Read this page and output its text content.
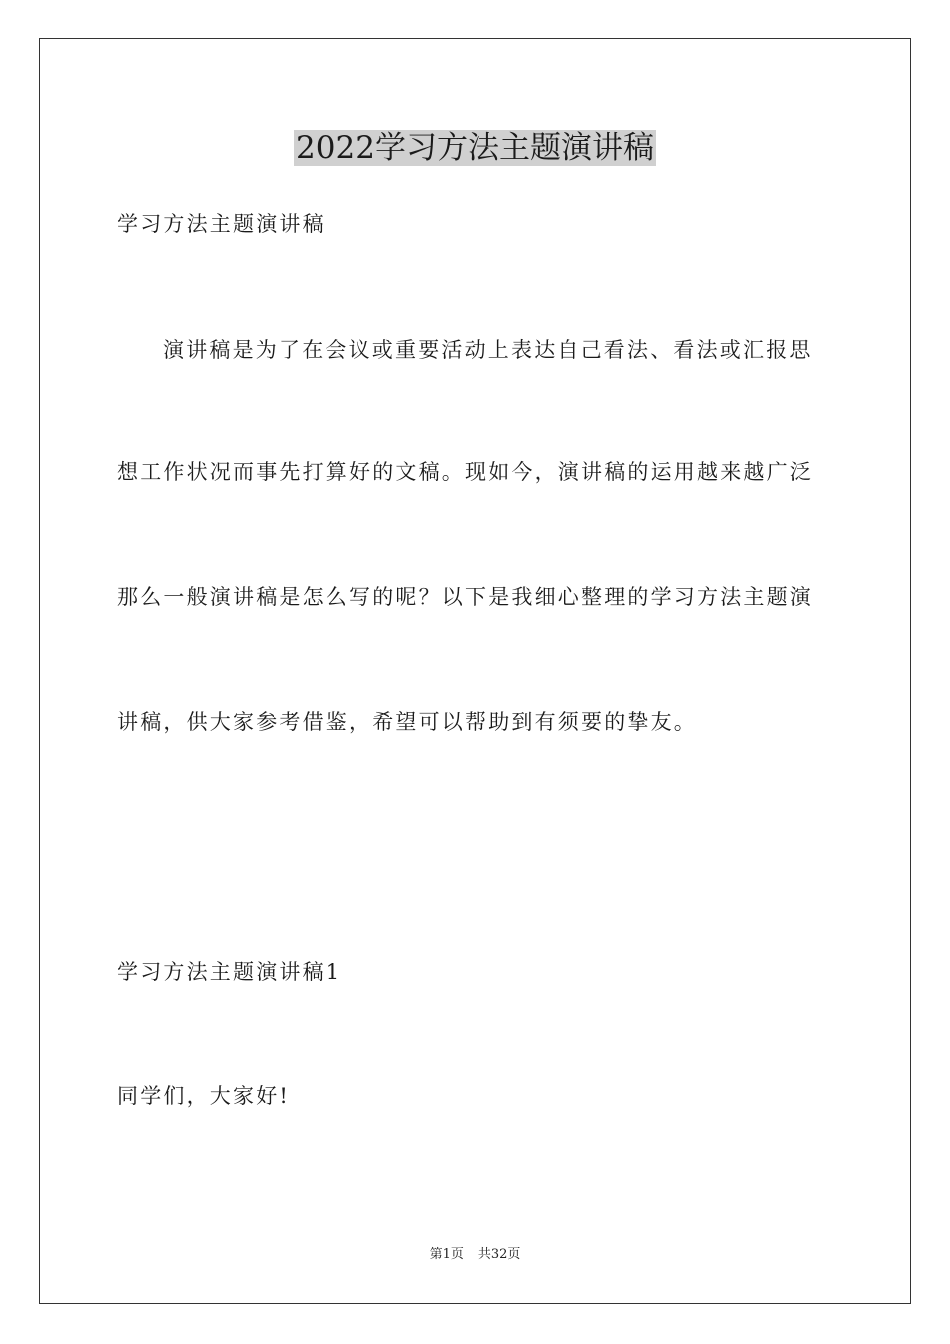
2022学习方法主题演讲稿
学习方法主题演讲稿
演讲稿是为了在会议或重要活动上表达自己看法、看法或汇报思
想工作状况而事先打算好的文稿。现如今，演讲稿的运用越来越广泛
那么一般演讲稿是怎么写的呢？以下是我细心整理的学习方法主题演
讲稿，供大家参考借鉴，希望可以帮助到有须要的挚友。
学习方法主题演讲稿1
同学们，大家好!
第1页 共32页
